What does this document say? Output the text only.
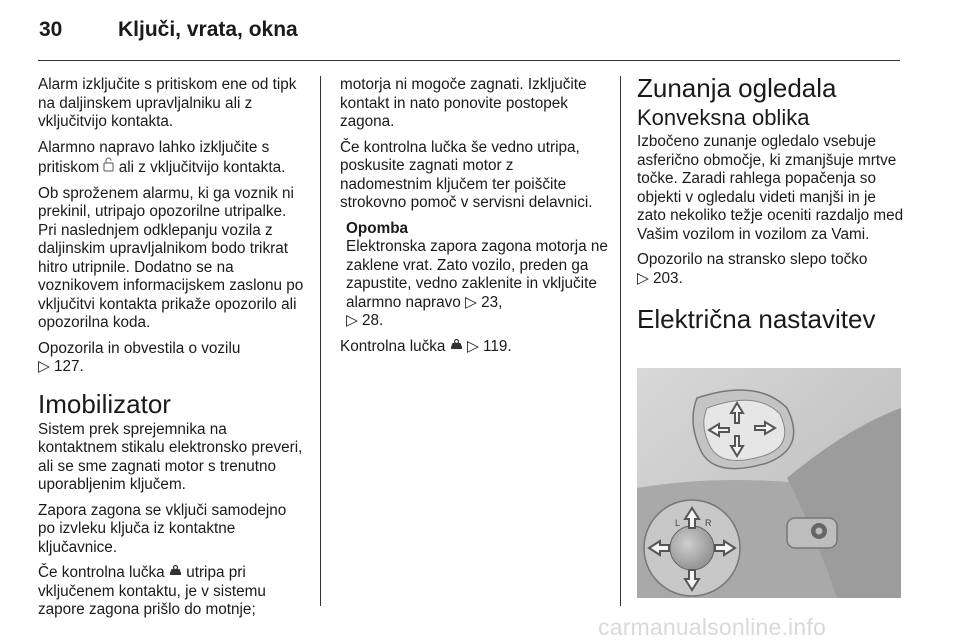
30	Ključi, vrata, okna

Alarm izključite s pritiskom ene od tipk na daljinskem upravljalniku ali z vključitvijo kontakta.

Alarmno napravo lahko izključite s pritiskom ali z vključitvijo kontakta.

Ob sproženem alarmu, ki ga voznik ni prekinil, utripajo opozorilne utripalke. Pri naslednjem odklepanju vozila z daljinskim upravljalnikom bodo trikrat hitro utripnile. Dodatno se na voznikovem informacijskem zaslonu po vključitvi kontakta prikaže opozorilo ali opozorilna koda.

Opozorila in obvestila o vozilu
▷ 127.

Imobilizator

Sistem prek sprejemnika na kontaktnem stikalu elektronsko preveri, ali se sme zagnati motor s trenutno uporabljenim ključem.

Zapora zagona se vključi samodejno po izvleku ključa iz kontaktne ključavnice.

Če kontrolna lučka utripa pri vključenem kontaktu, je v sistemu zapore zagona prišlo do motnje;

motorja ni mogoče zagnati. Izključite kontakt in nato ponovite postopek zagona.

Če kontrolna lučka še vedno utripa, poskusite zagnati motor z nadomestnim ključem ter poiščite strokovno pomoč v servisni delavnici.

Opomba

Elektronska zapora zagona motorja ne zaklene vrat. Zato vozilo, preden ga zapustite, vedno zaklenite in vključite alarmno napravo ▷ 23,
▷ 28.

Kontrolna lučka ▷ 119.

Zunanja ogledala
Konveksna oblika

Izbočeno zunanje ogledalo vsebuje asferično območje, ki zmanjšuje mrtve točke. Zaradi rahlega popačenja so objekti v ogledalu videti manjši in je zato nekoliko težje oceniti razdaljo med Vašim vozilom in vozilom za Vami.

Opozorilo na stransko slepo točko
▷ 203.

Električna nastavitev
L	R
carmanualsonline.info
